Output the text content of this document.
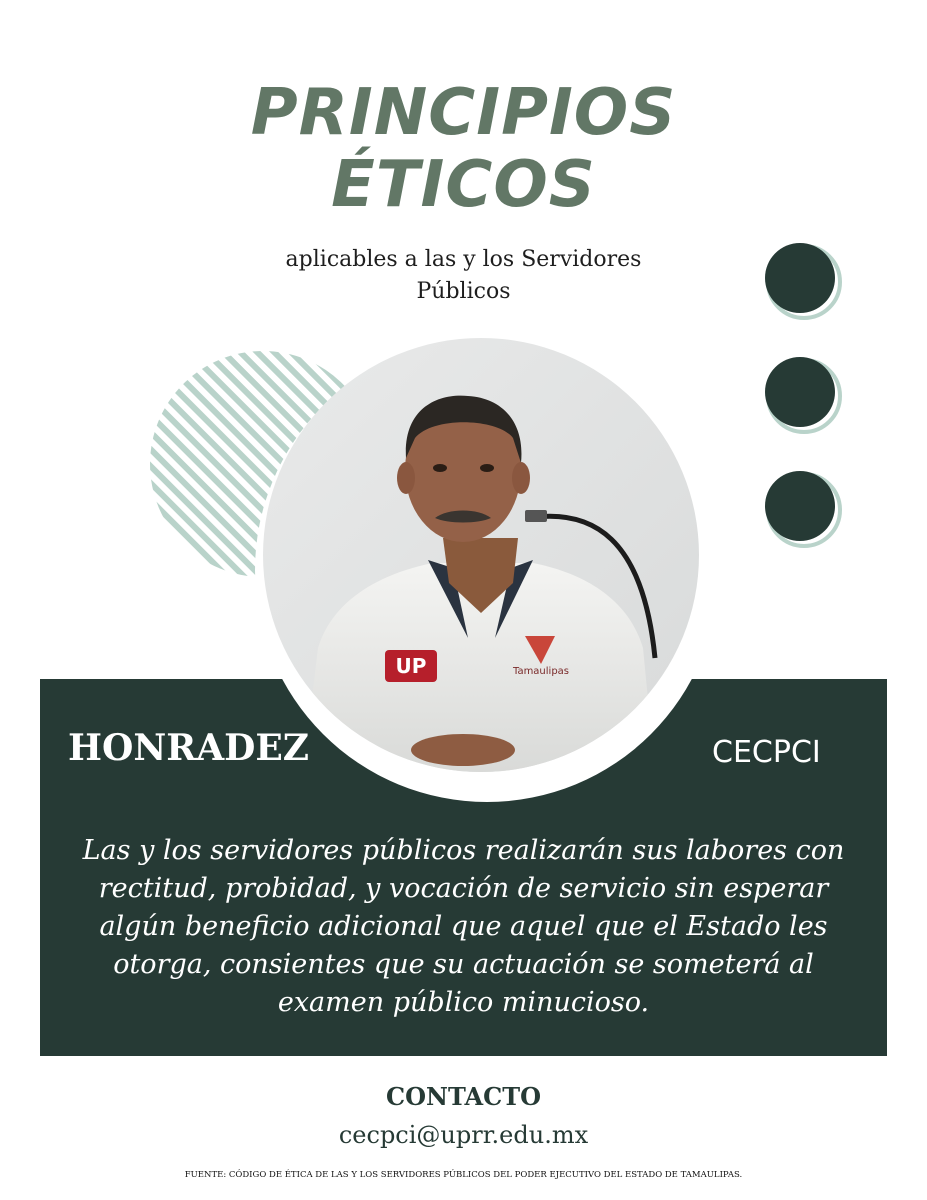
PRINCIPIOS
ÉTICOS
aplicables a las y los Servidores
Públicos
UP	Tamaulipas
HONRADEZ	CECPCI
Las y los servidores públicos realizarán sus labores con
rectitud, probidad, y vocación de servicio sin esperar
algún beneficio adicional que aquel que el Estado les
otorga, consientes que su actuación se someterá al
examen público minucioso.
CONTACTO
cecpci@uprr.edu.mx
FUENTE: CÓDIGO DE ÉTICA DE LAS Y LOS SERVIDORES PÚBLICOS DEL PODER EJECUTIVO DEL ESTADO DE TAMAULIPAS.
